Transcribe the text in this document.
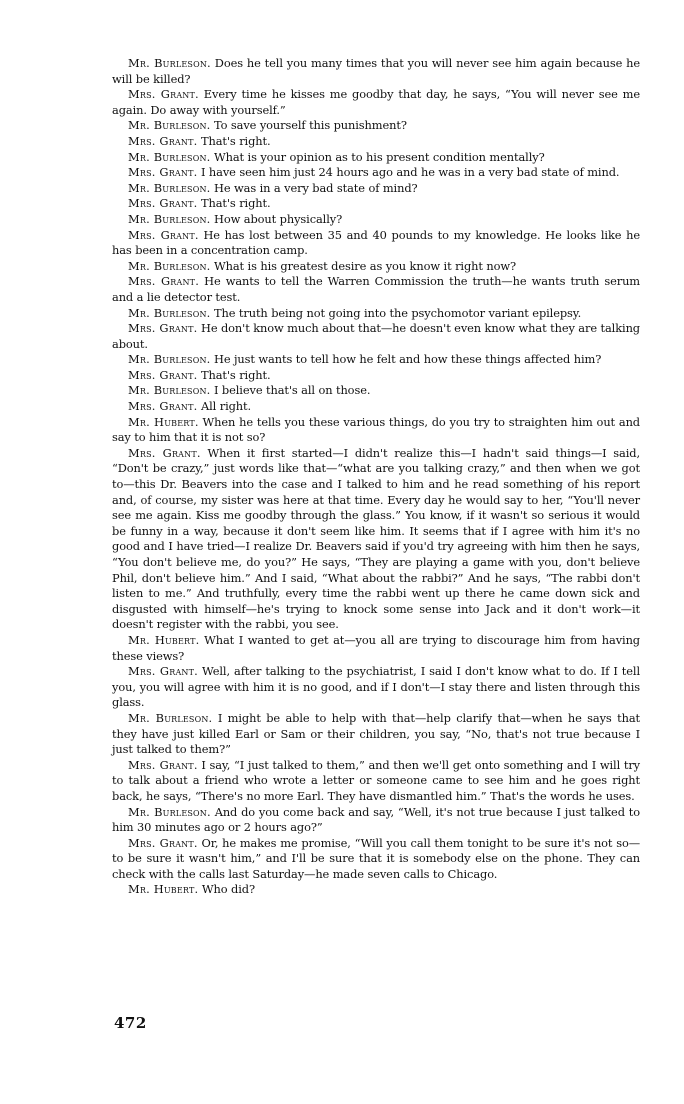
Mr. Burleson. Does he tell you many times that you will never see him again because he will be killed?

Mrs. Grant. Every time he kisses me goodby that day, he says, “You will never see me again. Do away with yourself.”

Mr. Burleson. To save yourself this punishment?

Mrs. Grant. That's right.

Mr. Burleson. What is your opinion as to his present condition mentally?

Mrs. Grant. I have seen him just 24 hours ago and he was in a very bad state of mind.

Mr. Burleson. He was in a very bad state of mind?

Mrs. Grant. That's right.

Mr. Burleson. How about physically?

Mrs. Grant. He has lost between 35 and 40 pounds to my knowledge. He looks like he has been in a concentration camp.

Mr. Burleson. What is his greatest desire as you know it right now?

Mrs. Grant. He wants to tell the Warren Commission the truth—he wants truth serum and a lie detector test.

Mr. Burleson. The truth being not going into the psychomotor variant epilepsy.

Mrs. Grant. He don't know much about that—he doesn't even know what they are talking about.

Mr. Burleson. He just wants to tell how he felt and how these things affected him?

Mrs. Grant. That's right.

Mr. Burleson. I believe that's all on those.

Mrs. Grant. All right.

Mr. Hubert. When he tells you these various things, do you try to straighten him out and say to him that it is not so?

Mrs. Grant. When it first started—I didn't realize this—I hadn't said things—I said, “Don't be crazy,” just words like that—“what are you talking crazy,” and then when we got to—this Dr. Beavers into the case and I talked to him and he read something of his report and, of course, my sister was here at that time. Every day he would say to her, “You'll never see me again. Kiss me goodby through the glass.” You know, if it wasn't so serious it would be funny in a way, because it don't seem like him. It seems that if I agree with him it's no good and I have tried—I realize Dr. Beavers said if you'd try agreeing with him then he says, “You don't believe me, do you?” He says, “They are playing a game with you, don't believe Phil, don't believe him.” And I said, “What about the rabbi?” And he says, “The rabbi don't listen to me.” And truthfully, every time the rabbi went up there he came down sick and disgusted with himself—he's trying to knock some sense into Jack and it don't work—it doesn't register with the rabbi, you see.

Mr. Hubert. What I wanted to get at—you all are trying to discourage him from having these views?

Mrs. Grant. Well, after talking to the psychiatrist, I said I don't know what to do. If I tell you, you will agree with him it is no good, and if I don't—I stay there and listen through this glass.

Mr. Burleson. I might be able to help with that—help clarify that—when he says that they have just killed Earl or Sam or their children, you say, “No, that's not true because I just talked to them?”

Mrs. Grant. I say, “I just talked to them,” and then we'll get onto something and I will try to talk about a friend who wrote a letter or someone came to see him and he goes right back, he says, “There's no more Earl. They have dismantled him.” That's the words he uses.

Mr. Burleson. And do you come back and say, “Well, it's not true because I just talked to him 30 minutes ago or 2 hours ago?”

Mrs. Grant. Or, he makes me promise, “Will you call them tonight to be sure it's not so—to be sure it wasn't him,” and I'll be sure that it is somebody else on the phone. They can check with the calls last Saturday—he made seven calls to Chicago.

Mr. Hubert. Who did?

472
